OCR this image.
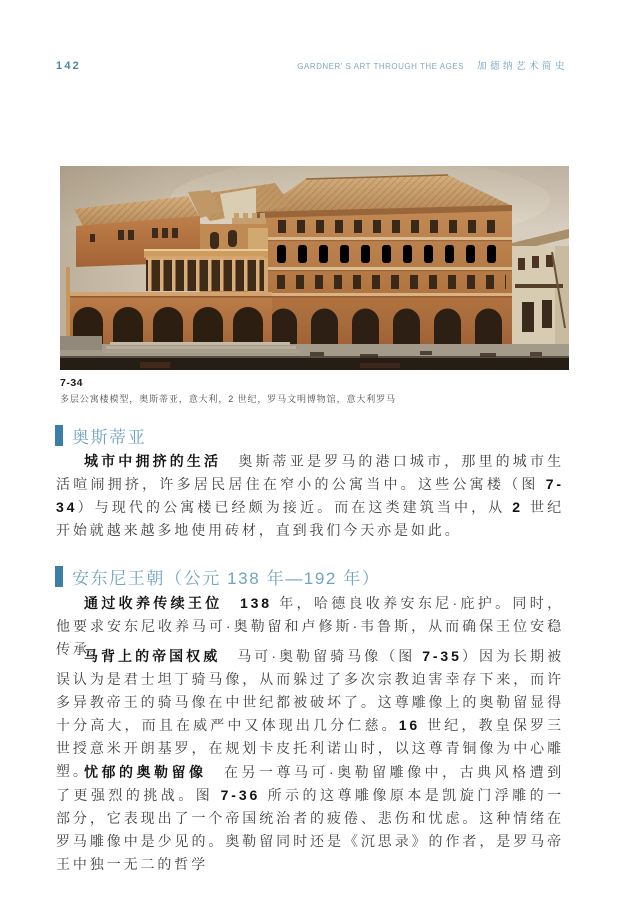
142	GARDNER' S ART THROUGH THE AGES 加德纳艺术简史
7-34
多层公寓楼模型，奥斯蒂亚，意大利，2 世纪，罗马文明博物馆，意大利罗马
奥斯蒂亚

城市中拥挤的生活　奥斯蒂亚是罗马的港口城市，那里的城市生活喧闹拥挤，许多居民居住在窄小的公寓当中。这些公寓楼（图 7-34）与现代的公寓楼已经颇为接近。而在这类建筑当中，从 2 世纪开始就越来越多地使用砖材，直到我们今天亦是如此。

安东尼王朝（公元 138 年—192 年）

通过收养传续王位　 138 年，哈德良收养安东尼·庇护。同时，他要求安东尼收养马可·奥勒留和卢修斯·韦鲁斯，从而确保王位安稳传承。

马背上的帝国权威　马可·奥勒留骑马像（图 7-35）因为长期被误认为是君士坦丁骑马像，从而躲过了多次宗教迫害幸存下来，而许多异教帝王的骑马像在中世纪都被破坏了。这尊雕像上的奥勒留显得十分高大，而且在威严中又体现出几分仁慈。16 世纪，教皇保罗三世授意米开朗基罗，在规划卡皮托利诺山时，以这尊青铜像为中心雕塑。

忧郁的奥勒留像　在另一尊马可·奥勒留雕像中，古典风格遭到了更强烈的挑战。图 7-36 所示的这尊雕像原本是凯旋门浮雕的一部分，它表现出了一个帝国统治者的疲倦、悲伤和忧虑。这种情绪在罗马雕像中是少见的。奥勒留同时还是《沉思录》的作者，是罗马帝王中独一无二的哲学
